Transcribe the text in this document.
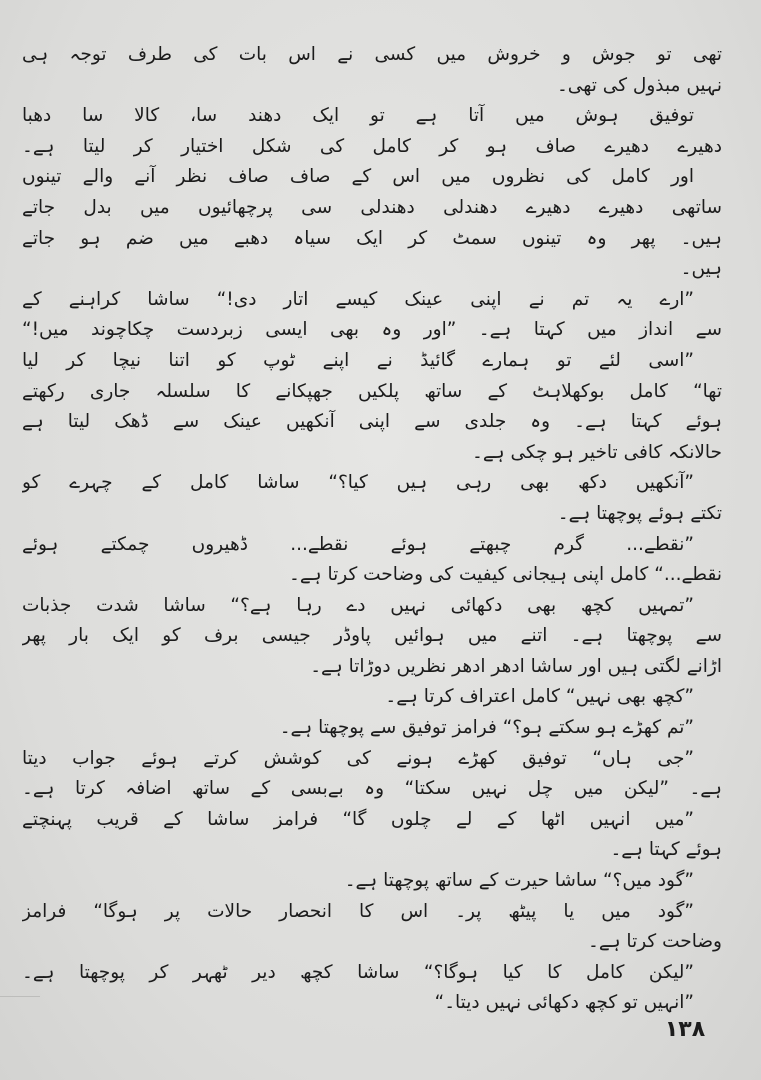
تھی تو جوش و خروش میں کسی نے اس بات کی طرف توجہ ہی
نہیں مبذول کی تھی۔
توفیق ہوش میں آتا ہے تو ایک دھند سا، کالا سا دھبا
دھیرے دھیرے صاف ہو کر کامل کی شکل اختیار کر لیتا ہے۔
اور کامل کی نظروں میں اس کے صاف صاف نظر آنے والے تینوں
ساتھی دھیرے دھیرے دھندلی دھندلی سی پرچھائیوں میں بدل جاتے
ہیں۔ پھر وہ تینوں سمٹ کر ایک سیاہ دھبے میں ضم ہو جاتے
ہیں۔
”ارے یہ تم نے اپنی عینک کیسے اتار دی!“ ساشا کراہنے کے
سے انداز میں کہتا ہے۔ ”اور وہ بھی ایسی زبردست چکاچوند میں!“
”اسی لئے تو ہمارے گائیڈ نے اپنے ٹوپ کو اتنا نیچا کر لیا
تھا“ کامل بوکھلاہٹ کے ساتھ پلکیں جھپکانے کا سلسلہ جاری رکھتے
ہوئے کہتا ہے۔ وہ جلدی سے اپنی آنکھیں عینک سے ڈھک لیتا ہے
حالانکہ کافی تاخیر ہو چکی ہے۔
”آنکھیں دکھ بھی رہی ہیں کیا؟“ ساشا کامل کے چہرے کو
تکتے ہوئے پوچھتا ہے۔
”نقطے... گرم چبھتے ہوئے نقطے... ڈھیروں چمکتے ہوئے
نقطے...“ کامل اپنی ہیجانی کیفیت کی وضاحت کرتا ہے۔
”تمہیں کچھ بھی دکھائی نہیں دے رہا ہے؟“ ساشا شدت جذبات
سے پوچھتا ہے۔ اتنے میں ہوائیں پاوڈر جیسی برف کو ایک بار پھر
اڑانے لگتی ہیں اور ساشا ادھر ادھر نظریں دوڑاتا ہے۔
”کچھ بھی نہیں“ کامل اعتراف کرتا ہے۔
”تم کھڑے ہو سکتے ہو؟“ فرامز توفیق سے پوچھتا ہے۔
”جی ہاں“ توفیق کھڑے ہونے کی کوشش کرتے ہوئے جواب دیتا
ہے۔ ”لیکن میں چل نہیں سکتا“ وہ بےبسی کے ساتھ اضافہ کرتا ہے۔
”میں انہیں اٹھا کے لے چلوں گا“ فرامز ساشا کے قریب پہنچتے
ہوئے کہتا ہے۔
”گود میں؟“ ساشا حیرت کے ساتھ پوچھتا ہے۔
”گود میں یا پیٹھ پر۔ اس کا انحصار حالات پر ہوگا“ فرامز
وضاحت کرتا ہے۔
”لیکن کامل کا کیا ہوگا؟“ ساشا کچھ دیر ٹھہر کر پوچھتا ہے۔
”انہیں تو کچھ دکھائی نہیں دیتا۔“
۱۳۸
